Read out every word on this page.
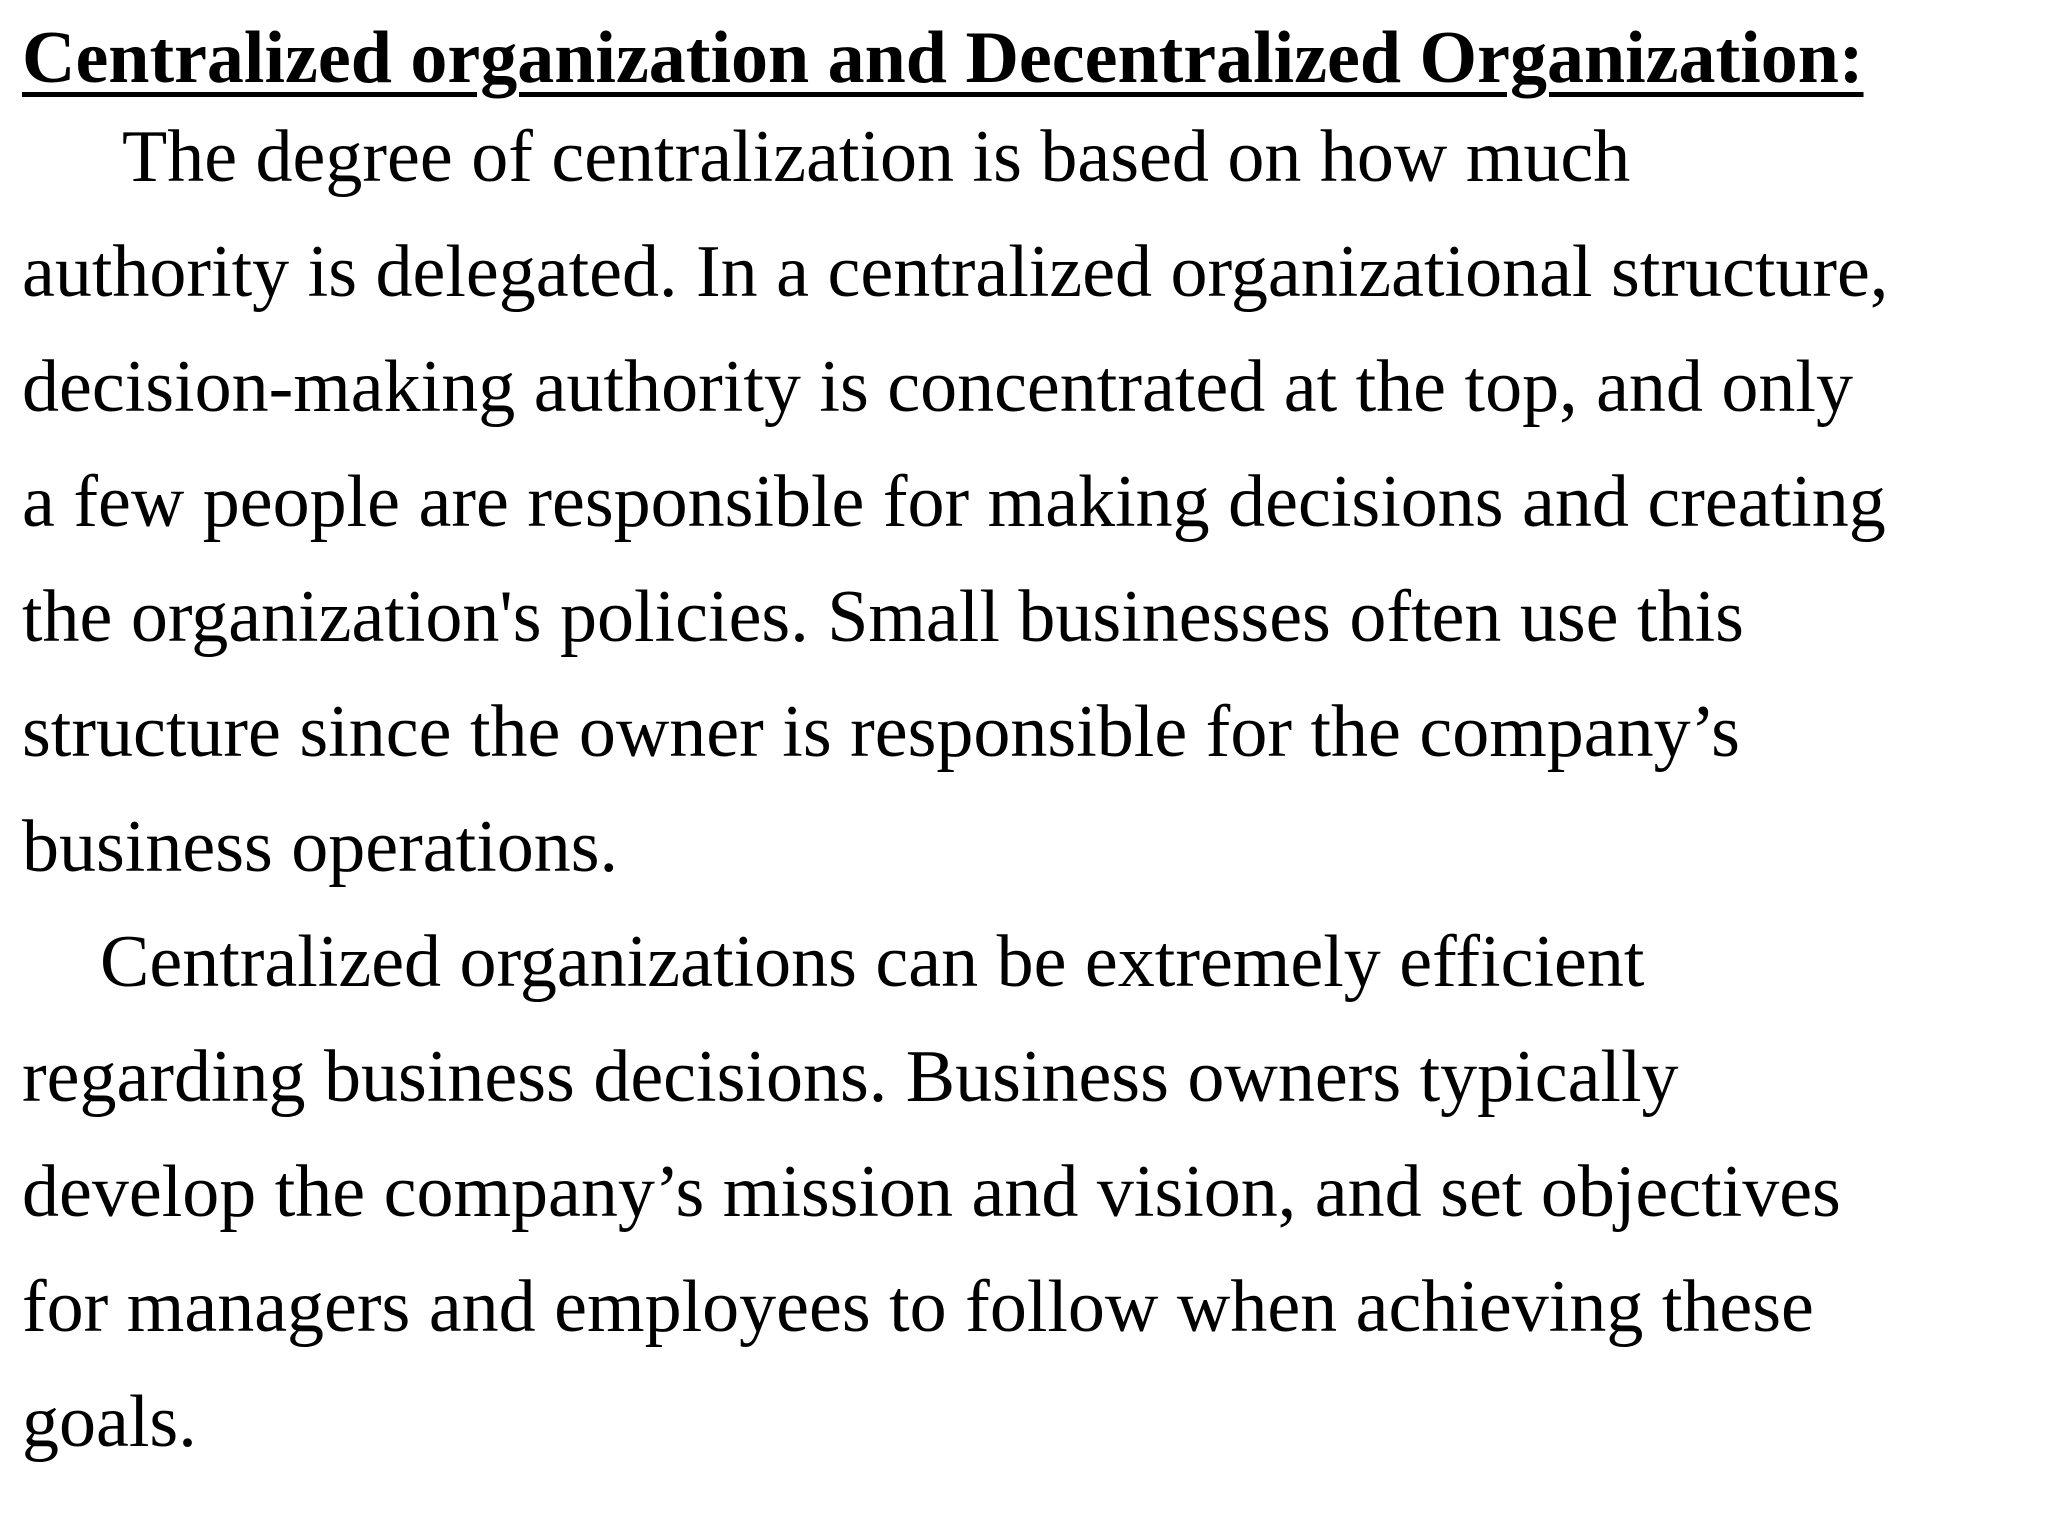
Centralized organization and Decentralized Organization:

The degree of centralization is based on how much

authority is delegated. In a centralized organizational structure,

decision-making authority is concentrated at the top, and only

a few people are responsible for making decisions and creating

the organization's policies. Small businesses often use this

structure since the owner is responsible for the company’s

business operations.

Centralized organizations can be extremely efficient

regarding business decisions. Business owners typically

develop the company’s mission and vision, and set objectives

for managers and employees to follow when achieving these

goals.
